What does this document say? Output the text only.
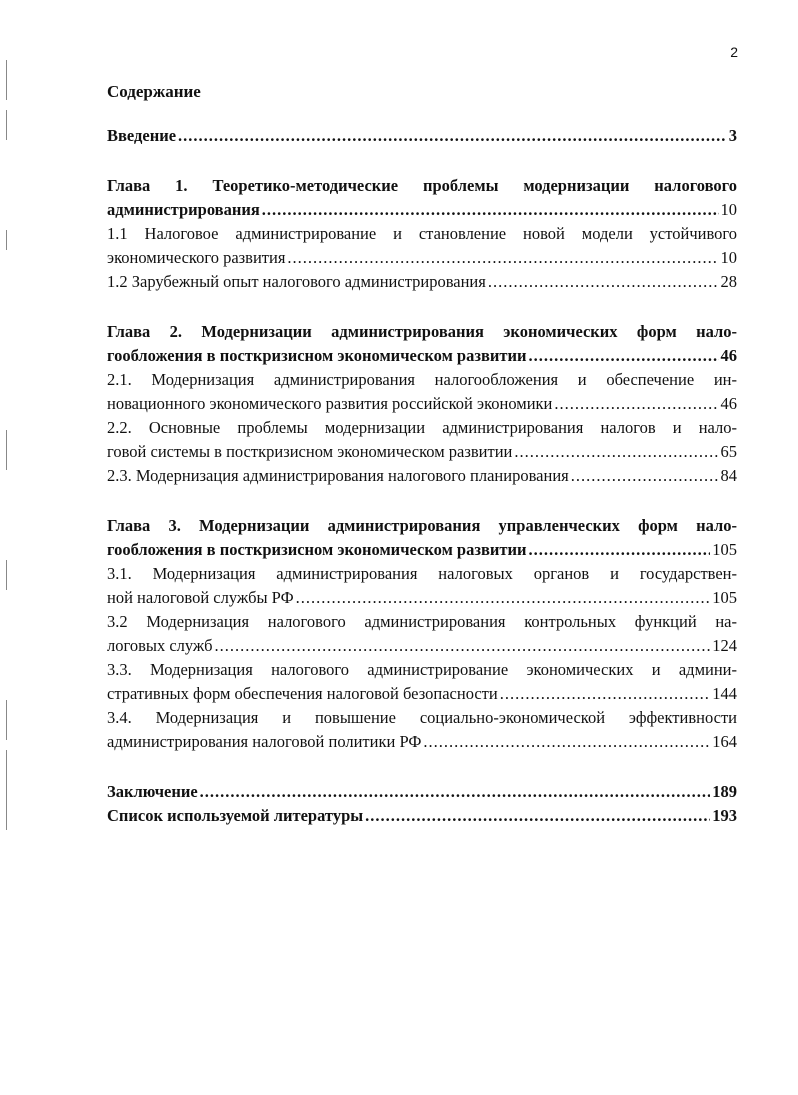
2
Содержание
Введение .....	3
Глава 1. Теоретико-методические проблемы модернизации налогового
администрирования .....	10
1.1 Налоговое администрирование и становление новой модели устойчивого
экономического развития .....	10
1.2 Зарубежный опыт налогового администрирования .....	28
Глава 2. Модернизации администрирования экономических форм нало-
гообложения в посткризисном экономическом развитии .....	46
2.1. Модернизация администрирования налогообложения и обеспечение ин-
новационного экономического развития российской экономики .....	46
2.2. Основные проблемы модернизации администрирования налогов и нало-
говой системы в посткризисном экономическом развитии .....	65
2.3. Модернизация администрирования налогового планирования .....	84
Глава 3. Модернизации администрирования управленческих форм нало-
гообложения в посткризисном экономическом развитии .....	105
3.1. Модернизация администрирования налоговых органов и государствен-
ной налоговой службы РФ .....	105
3.2 Модернизация налогового администрирования контрольных функций на-
логовых служб .....	124
3.3. Модернизация налогового администрирование экономических и админи-
стративных форм обеспечения налоговой безопасности .....	144
3.4. Модернизация и повышение социально-экономической эффективности
администрирования налоговой политики РФ .....	164
Заключение .....	189
Список используемой литературы .....	193
